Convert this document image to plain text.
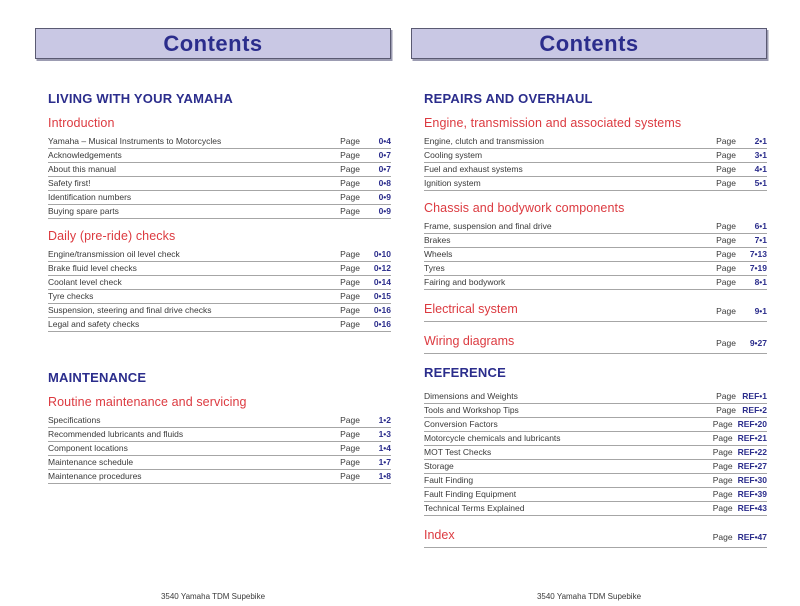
Contents
LIVING WITH YOUR YAMAHA
Introduction
Yamaha – Musical Instruments to Motorcycles	Page	0•4
Acknowledgements	Page	0•7
About this manual	Page	0•7
Safety first!	Page	0•8
Identification numbers	Page	0•9
Buying spare parts	Page	0•9
Daily (pre-ride) checks
Engine/transmission oil level check	Page	0•10
Brake fluid level checks	Page	0•12
Coolant level check	Page	0•14
Tyre checks	Page	0•15
Suspension, steering and final drive checks	Page	0•16
Legal and safety checks	Page	0•16
MAINTENANCE
Routine maintenance and servicing
Specifications	Page	1•2
Recommended lubricants and fluids	Page	1•3
Component locations	Page	1•4
Maintenance schedule	Page	1•7
Maintenance procedures	Page	1•8
3540 Yamaha TDM Supebike
Contents
REPAIRS AND OVERHAUL
Engine, transmission and associated systems
Engine, clutch and transmission	Page	2•1
Cooling system	Page	3•1
Fuel and exhaust systems	Page	4•1
Ignition system	Page	5•1
Chassis and bodywork components
Frame, suspension and final drive	Page	6•1
Brakes	Page	7•1
Wheels	Page	7•13
Tyres	Page	7•19
Fairing and bodywork	Page	8•1
Electrical system	Page	9•1
Wiring diagrams	Page	9•27
REFERENCE
Dimensions and Weights	Page REF•1
Tools and Workshop Tips	Page REF•2
Conversion Factors	Page REF•20
Motorcycle chemicals and lubricants	Page REF•21
MOT Test Checks	Page REF•22
Storage	Page REF•27
Fault Finding	Page REF•30
Fault Finding Equipment	Page REF•39
Technical Terms Explained	Page REF•43
Index	Page REF•47
3540 Yamaha TDM Supebike
